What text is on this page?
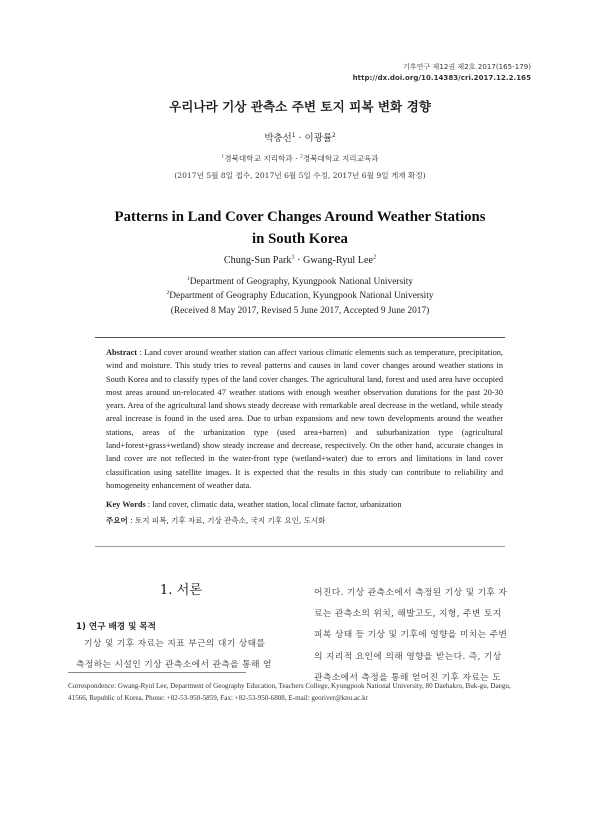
기후연구 제12권 제2호 2017(165-179)
http://dx.doi.org/10.14383/cri.2017.12.2.165
우리나라 기상 관측소 주변 토지 피복 변화 경향
박충선$^1$ · 이광률$^2$
$^1$경북대학교 지리학과 · $^2$경북대학교 지리교육과
(2017년 5월 8일 접수, 2017년 6월 5일 수정, 2017년 6월 9일 게재 확정)
Patterns in Land Cover Changes Around Weather Stations
in South Korea
Chung-Sun Park$^1$ · Gwang-Ryul Lee$^2$
$^1$Department of Geography, Kyungpook National University
$^2$Department of Geography Education, Kyungpook National University
(Received 8 May 2017, Revised 5 June 2017, Accepted 9 June 2017)

Abstract : Land cover around weather station can affect various climatic elements such as temperature, precipitation, wind and moisture. This study tries to reveal patterns and causes in land cover changes around weather stations in South Korea and to classify types of the land cover changes. The agricultural land, forest and used area have occupied most areas around un-relocated 47 weather stations with enough weather observation durations for the past 20-30 years. Area of the agricultural land shows steady decrease with remarkable areal decrease in the wetland, while steady areal increase is found in the used area. Due to urban expansions and new town developments around the weather stations, areas of the urbanization type (used area+barren) and suburbanization type (agricultural land+forest+grass+wetland) show steady increase and decrease, respectively. On the other hand, accurate changes in land cover are not reflected in the water-front type (wetland+water) due to errors and limitations in land cover classification using satellite images. It is expected that the results in this study can contribute to reliability and homogeneity enhancement of weather data.

Key Words : land cover, climatic data, weather station, local climate factor, urbanization
주요어 : 토지 피복, 기후 자료, 기상 관측소, 국지 기후 요인, 도시화
1. 서론
1) 연구 배경 및 목적
기상 및 기후 자료는 지표 부근의 대기 상태를
측정하는 시설인 기상 관측소에서 관측을 통해 얻
어진다. 기상 관측소에서 측정된 기상 및 기후 자
료는 관측소의 위치, 해발고도, 지형, 주변 토지
피복 상태 등 기상 및 기후에 영향을 미치는 주변
의 지리적 요인에 의해 영향을 받는다. 즉, 기상
관측소에서 측정을 통해 얻어진 기후 자료는 도
Correspondence: Gwang-Ryul Lee, Department of Geography Education, Teachers College, Kyungpook National University, 80 Daehakro, Buk-gu, Daegu, 41566, Republic of Korea, Phone: +82-53-950-5859, Fax: +82-53-950-6808, E-mail: georiver@knu.ac.kr
